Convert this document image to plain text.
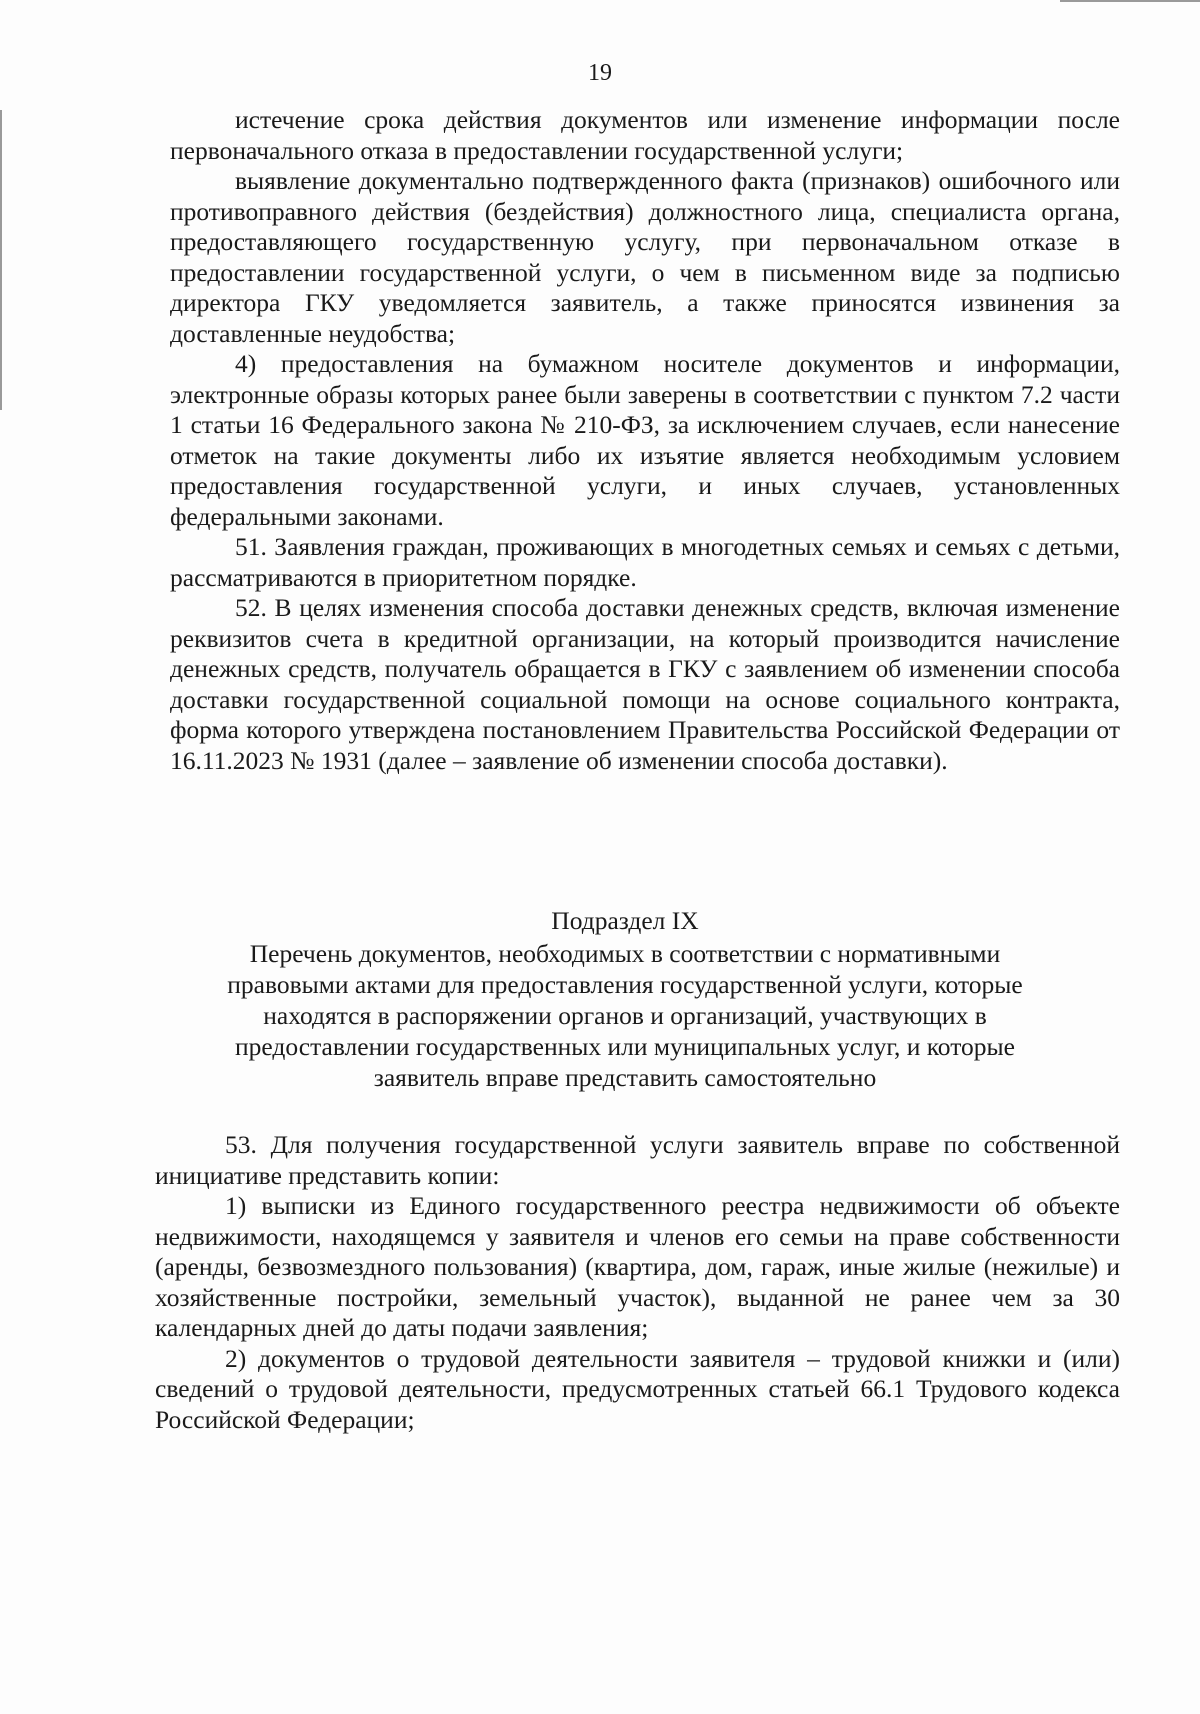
19

истечение срока действия документов или изменение информации после первоначального отказа в предоставлении государственной услуги;

выявление документально подтвержденного факта (признаков) ошибочного или противоправного действия (бездействия) должностного лица, специалиста органа, предоставляющего государственную услугу, при первоначальном отказе в предоставлении государственной услуги, о чем в письменном виде за подписью директора ГКУ уведомляется заявитель, а также приносятся извинения за доставленные неудобства;

4) предоставления на бумажном носителе документов и информации, электронные образы которых ранее были заверены в соответствии с пунктом 7.2 части 1 статьи 16 Федерального закона № 210-ФЗ, за исключением случаев, если нанесение отметок на такие документы либо их изъятие является необходимым условием предоставления государственной услуги, и иных случаев, установленных федеральными законами.

51. Заявления граждан, проживающих в многодетных семьях и семьях с детьми, рассматриваются в приоритетном порядке.

52. В целях изменения способа доставки денежных средств, включая изменение реквизитов счета в кредитной организации, на который производится начисление денежных средств, получатель обращается в ГКУ с заявлением об изменении способа доставки государственной социальной помощи на основе социального контракта, форма которого утверждена постановлением Правительства Российской Федерации от 16.11.2023 № 1931 (далее – заявление об изменении способа доставки).

Подраздел IX

Перечень документов, необходимых в соответствии с нормативными правовыми актами для предоставления государственной услуги, которые находятся в распоряжении органов и организаций, участвующих в предоставлении государственных или муниципальных услуг, и которые заявитель вправе представить самостоятельно

53. Для получения государственной услуги заявитель вправе по собственной инициативе представить копии:

1) выписки из Единого государственного реестра недвижимости об объекте недвижимости, находящемся у заявителя и членов его семьи на праве собственности (аренды, безвозмездного пользования) (квартира, дом, гараж, иные жилые (нежилые) и хозяйственные постройки, земельный участок), выданной не ранее чем за 30 календарных дней до даты подачи заявления;

2) документов о трудовой деятельности заявителя – трудовой книжки и (или) сведений о трудовой деятельности, предусмотренных статьей 66.1 Трудового кодекса Российской Федерации;
